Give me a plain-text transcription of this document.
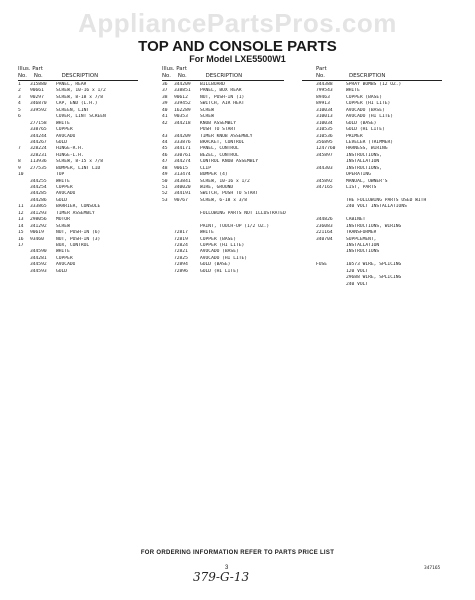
AppliancePartsPros.com
TOP AND CONSOLE PARTS
For Model LXE5500W1
Illus. Part
No. No.	DESCRIPTION
Illus. Part
No. No.	DESCRIPTION
Part
No.	DESCRIPTION
1 315880 PANEL, REAR
2 90661	SCREW, 10-16 x 1/2
3 90297	SCREW, 8-18 x 7/8
4 346870 CAP, END (L.H.)
5 339592 SCREEN, LINT
6	COVER, LINT SCREEN
277158 WHITE
338765 COPPER
344244 AVOCADO
344267 GOLD
7 328224 HINGE-R.H.
328231 HINGE-L.H.
8 113936 SCREW, 8-15 x 7/8
9 277535 BUMPER, LINT LID
10	TOP
344255 WHITE
344254 COPPER
344285 AVOCADO
344286 GOLD
11 333865 BARRIER, CONSOLE
12 341293 TIMER ASSEMBLY
13 298056 MOTOR
14 341292 SCREW
15 90619	NUT, PUSH-IN (6)
16 93460	NUT, PUSH-IN (3)
17	BOX, CONTROL
344590 WHITE
344281 COPPER
344592 AVOCADO
344593 GOLD
36 344209 BILLBOARD
37 338851 PANEL, BOX REAR
38 90612	NUT, PUSH-IN (1)
39 339452 SWITCH, AIR HEAT
40 162289 SCREW
41 90353	SCREW
42 344218 KNOB ASSEMBLY
PUSH TO START
43 344209 TIMER KNOB ASSEMBLY
44 333876 BRACKET, CONTROL
45 344171 PANEL, CONTROL
46 330761 BEZEL, CONTROL
47 344274 CONTROL KNOB ASSEMBLY
48 90615	CLIP
49 313474 BUMPER (4)
50 343841 SCREW, 10-16 x 1/2
51 340020 WIRE, GROUND
52 344191 SWITCH, PUSH TO START
53 90767	SCREW, 6-18 x 3/8
FOLLOWING PARTS NOT ILLUSTRATED
PAINT, TOUCH-UP (1/2 OZ.)
72817	WHITE
72819	COPPER (BASE)
72824	COPPER (HI LITE)
72821	AVOCADO (BASE)
72825	AVOCADO (HI LITE)
72894	GOLD (BASE)
72896	GOLD (HI LITE)
344388	SPRAY BOMBS (12 OZ.)
799543	WHITE
89463	COPPER (BASE)
89913	COPPER (HI LITE)
310034	AVOCADO (BASE)
310013	AVOCADO (HI LITE)
310034	GOLD (BASE)
310535	GOLD (HI LITE)
310536	PRIMER
356895	LEVELER (TRIMMER)
1247760 HARNESS, WIRING
345897	INSTRUCTIONS,
INSTALLATION
344303	INSTRUCTIONS,
OPERATING
345892	MANUAL, OWNER'S
347165	LIST, PARTS
THE FOLLOWING PARTS USED WITH
240 VOLT INSTALLATIONS
344826	CABINET
236083	INSTRUCTIONS, WIRING
221164	TRANSFORMER
340704	SUPPLEMENT,
INSTALLATION
INSTRUCTIONS
FUSE	10573 WIRE, SPLICING
120 VOLT
29688 WIRE, SPLICING
240 VOLT
FOR ORDERING INFORMATION REFER TO PARTS PRICE LIST
3
379-G-13
347165
